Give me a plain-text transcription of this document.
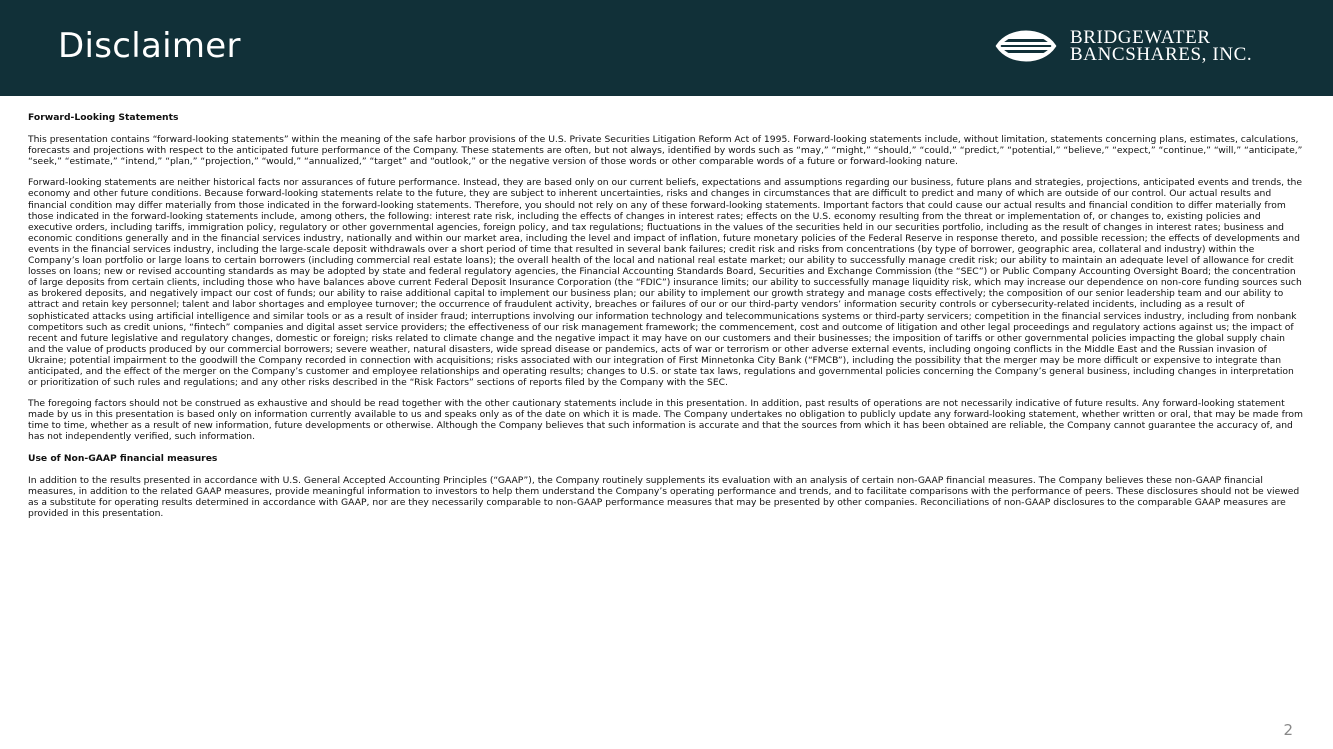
Disclaimer	BRIDGEWATER
BANCSHARES, INC.
Forward-Looking Statements
This presentation contains “forward-looking statements” within the meaning of the safe harbor provisions of the U.S. Private Securities Litigation Reform Act of 1995. Forward-looking statements include, without limitation, statements concerning plans, estimates, calculations, forecasts and projections with respect to the anticipated future performance of the Company. These statements are often, but not always, identified by words such as “may,” “might,” “should,” “could,” “predict,” “potential,” “believe,” “expect,” “continue,” “will,” “anticipate,” “seek,” “estimate,” “intend,” “plan,” “projection,” “would,” “annualized,” “target” and “outlook,” or the negative version of those words or other comparable words of a future or forward-looking nature.
Forward-looking statements are neither historical facts nor assurances of future performance. Instead, they are based only on our current beliefs, expectations and assumptions regarding our business, future plans and strategies, projections, anticipated events and trends, the economy and other future conditions. Because forward-looking statements relate to the future, they are subject to inherent uncertainties, risks and changes in circumstances that are difficult to predict and many of which are outside of our control. Our actual results and financial condition may differ materially from those indicated in the forward-looking statements. Therefore, you should not rely on any of these forward-looking statements. Important factors that could cause our actual results and financial condition to differ materially from those indicated in the forward-looking statements include, among others, the following: interest rate risk, including the effects of changes in interest rates; effects on the U.S. economy resulting from the threat or implementation of, or changes to, existing policies and executive orders, including tariffs, immigration policy, regulatory or other governmental agencies, foreign policy, and tax regulations; fluctuations in the values of the securities held in our securities portfolio, including as the result of changes in interest rates; business and economic conditions generally and in the financial services industry, nationally and within our market area, including the level and impact of inflation, future monetary policies of the Federal Reserve in response thereto, and possible recession; the effects of developments and events in the financial services industry, including the large-scale deposit withdrawals over a short period of time that resulted in several bank failures; credit risk and risks from concentrations (by type of borrower, geographic area, collateral and industry) within the Company’s loan portfolio or large loans to certain borrowers (including commercial real estate loans); the overall health of the local and national real estate market; our ability to successfully manage credit risk; our ability to maintain an adequate level of allowance for credit losses on loans; new or revised accounting standards as may be adopted by state and federal regulatory agencies, the Financial Accounting Standards Board, Securities and Exchange Commission (the “SEC”) or Public Company Accounting Oversight Board; the concentration of large deposits from certain clients, including those who have balances above current Federal Deposit Insurance Corporation (the “FDIC”) insurance limits; our ability to successfully manage liquidity risk, which may increase our dependence on non-core funding sources such as brokered deposits, and negatively impact our cost of funds; our ability to raise additional capital to implement our business plan; our ability to implement our growth strategy and manage costs effectively; the composition of our senior leadership team and our ability to attract and retain key personnel; talent and labor shortages and employee turnover; the occurrence of fraudulent activity, breaches or failures of our or our third-party vendors’ information security controls or cybersecurity-related incidents, including as a result of sophisticated attacks using artificial intelligence and similar tools or as a result of insider fraud; interruptions involving our information technology and telecommunications systems or third-party servicers; competition in the financial services industry, including from nonbank competitors such as credit unions, “fintech” companies and digital asset service providers; the effectiveness of our risk management framework; the commencement, cost and outcome of litigation and other legal proceedings and regulatory actions against us; the impact of recent and future legislative and regulatory changes, domestic or foreign; risks related to climate change and the negative impact it may have on our customers and their businesses; the imposition of tariffs or other governmental policies impacting the global supply chain and the value of products produced by our commercial borrowers; severe weather, natural disasters, wide spread disease or pandemics, acts of war or terrorism or other adverse external events, including ongoing conflicts in the Middle East and the Russian invasion of Ukraine; potential impairment to the goodwill the Company recorded in connection with acquisitions; risks associated with our integration of First Minnetonka City Bank (“FMCB”), including the possibility that the merger may be more difficult or expensive to integrate than anticipated, and the effect of the merger on the Company’s customer and employee relationships and operating results; changes to U.S. or state tax laws, regulations and governmental policies concerning the Company’s general business, including changes in interpretation or prioritization of such rules and regulations; and any other risks described in the “Risk Factors” sections of reports filed by the Company with the SEC.
The foregoing factors should not be construed as exhaustive and should be read together with the other cautionary statements include in this presentation. In addition, past results of operations are not necessarily indicative of future results. Any forward-looking statement made by us in this presentation is based only on information currently available to us and speaks only as of the date on which it is made. The Company undertakes no obligation to publicly update any forward-looking statement, whether written or oral, that may be made from time to time, whether as a result of new information, future developments or otherwise. Although the Company believes that such information is accurate and that the sources from which it has been obtained are reliable, the Company cannot guarantee the accuracy of, and has not independently verified, such information.
Use of Non-GAAP financial measures
In addition to the results presented in accordance with U.S. General Accepted Accounting Principles (“GAAP”), the Company routinely supplements its evaluation with an analysis of certain non-GAAP financial measures. The Company believes these non-GAAP financial measures, in addition to the related GAAP measures, provide meaningful information to investors to help them understand the Company’s operating performance and trends, and to facilitate comparisons with the performance of peers. These disclosures should not be viewed as a substitute for operating results determined in accordance with GAAP, nor are they necessarily comparable to non-GAAP performance measures that may be presented by other companies. Reconciliations of non-GAAP disclosures to the comparable GAAP measures are provided in this presentation.
2
